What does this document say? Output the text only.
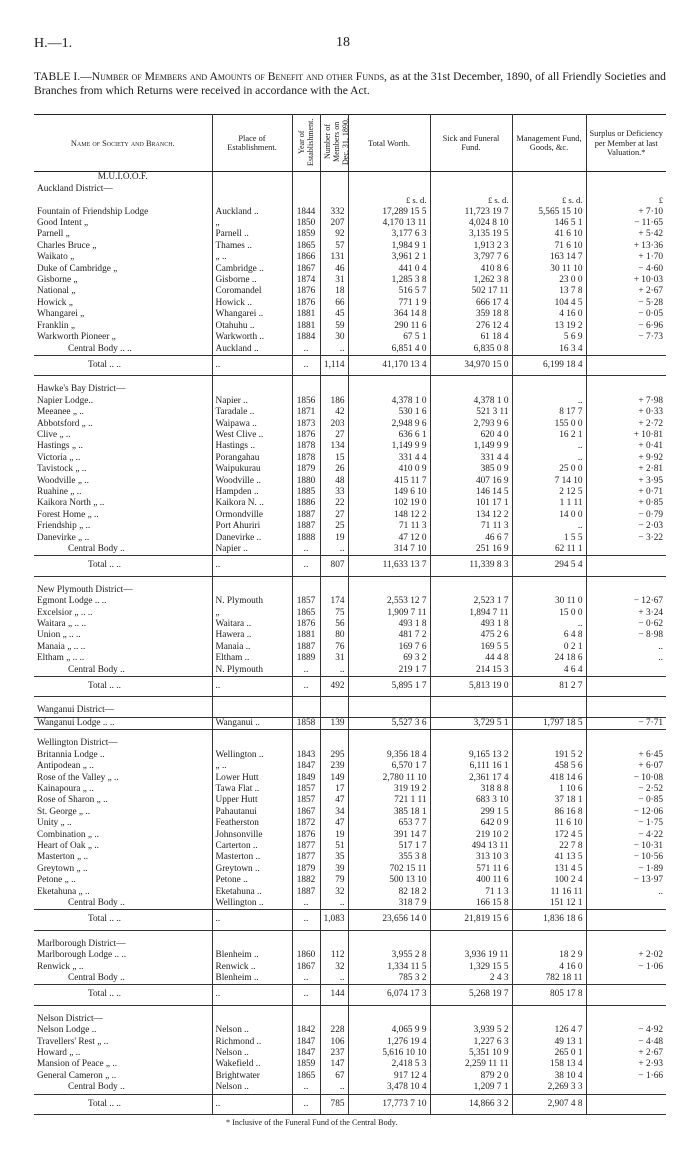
H.—1.	18
TABLE I.—Number of Members and Amounts of Benefit and other Funds, as at the 31st December, 1890, of all Friendly Societies and Branches from which Returns were received in accordance with the Act.
Name of Society and Branch.	Place of Establishment.	Year of Establishment.	Number of Members on Dec. 31, 1890.	Total Worth.	Sick and Funeral Fund.	Management Fund, Goods, &c.	Surplus or Deficiency per Member at last Valuation.*
M.U.I.O.O.F.							
Auckland District—							
				£ s. d.	£ s. d.	£ s. d.	£
Fountain of Friendship Lodge	Auckland ..	1844	332	17,289 15 5	11,723 19 7	5,565 15 10	+ 7·10
Good Intent „	„	1850	207	4,170 13 11	4,024 8 10	146 5 1	− 11·65
Parnell „	Parnell ..	1859	92	3,177 6 3	3,135 19 5	41 6 10	+ 5·42
Charles Bruce „	Thames ..	1865	57	1,984 9 1	1,913 2 3	71 6 10	+ 13·36
Waikato „	„ ..	1866	131	3,961 2 1	3,797 7 6	163 14 7	+ 1·70
Duke of Cambridge „	Cambridge ..	1867	46	441 0 4	410 8 6	30 11 10	− 4·60
Gisborne „	Gisborne ..	1874	31	1,285 3 8	1,262 3 8	23 0 0	+ 10·03
National „	Coromandel	1876	18	516 5 7	502 17 11	13 7 8	+ 2·67
Howick „	Howick ..	1876	66	771 1 9	666 17 4	104 4 5	− 5·28
Whangarei „	Whangarei ..	1881	45	364 14 8	359 18 8	4 16 0	− 0·05
Franklin „	Otahuhu ..	1881	59	290 11 6	276 12 4	13 19 2	− 6·96
Warkworth Pioneer „	Warkworth ..	1884	30	67 5 1	61 18 4	5 6 9	− 7·73
Central Body .. ..	Auckland ..	..	..	6,851 4 0	6,835 0 8	16 3 4	
Total .. ..	..	..	1,114	41,170 13 4	34,970 15 0	6,199 18 4	

Hawke's Bay District—							
Napier Lodge..	Napier ..	1856	186	4,378 1 0	4,378 1 0	..	+ 7·98
Meeanee „ ..	Taradale ..	1871	42	530 1 6	521 3 11	8 17 7	+ 0·33
Abbotsford „ ..	Waipawa ..	1873	203	2,948 9 6	2,793 9 6	155 0 0	+ 2·72
Clive „ ..	West Clive ..	1876	27	636 6 1	620 4 0	16 2 1	+ 10·81
Hastings „ ..	Hastings ..	1878	134	1,149 9 9	1,149 9 9	..	+ 0·41
Victoria „ ..	Porangahau	1878	15	331 4 4	331 4 4	..	+ 9·92
Tavistock „ ..	Waipukurau	1879	26	410 0 9	385 0 9	25 0 0	+ 2·81
Woodville „ ..	Woodville ..	1880	48	415 11 7	407 16 9	7 14 10	+ 3·95
Ruahine „ ..	Hampden ..	1885	33	149 6 10	146 14 5	2 12 5	+ 0·71
Kaikora North „ ..	Kaikora N. ..	1886	22	102 19 0	101 17 1	1 1 11	+ 0·85
Forest Home „ ..	Ormondville	1887	27	148 12 2	134 12 2	14 0 0	− 0·79
Friendship „ ..	Port Ahuriri	1887	25	71 11 3	71 11 3	..	− 2·03
Danevirke „ ..	Danevirke ..	1888	19	47 12 0	46 6 7	1 5 5	− 3·22
Central Body ..	Napier ..	..	..	314 7 10	251 16 9	62 11 1	
Total .. ..	..	..	807	11,633 13 7	11,339 8 3	294 5 4	

New Plymouth District—							
Egmont Lodge .. ..	N. Plymouth	1857	174	2,553 12 7	2,523 1 7	30 11 0	− 12·67
Excelsior „ .. ..	„	1865	75	1,909 7 11	1,894 7 11	15 0 0	+ 3·24
Waitara „ .. ..	Waitara ..	1876	56	493 1 8	493 1 8	..	− 0·62
Union „ .. ..	Hawera ..	1881	80	481 7 2	475 2 6	6 4 8	− 8·98
Manaia „ .. ..	Manaia ..	1887	76	169 7 6	169 5 5	0 2 1	..
Eltham „ .. ..	Eltham ..	1889	31	69 3 2	44 4 8	24 18 6	..
Central Body ..	N. Plymouth	..	..	219 1 7	214 15 3	4 6 4	
Total .. ..	..	..	492	5,895 1 7	5,813 19 0	81 2 7	

Wanganui District—							
Wanganui Lodge .. ..	Wanganui ..	1858	139	5,527 3 6	3,729 5 1	1,797 18 5	− 7·71

Wellington District—							
Britannia Lodge ..	Wellington ..	1843	295	9,356 18 4	9,165 13 2	191 5 2	+ 6·45
Antipodean „ ..	„ ..	1847	239	6,570 1 7	6,111 16 1	458 5 6	+ 6·07
Rose of the Valley „ ..	Lower Hutt	1849	149	2,780 11 10	2,361 17 4	418 14 6	− 10·08
Kainapoura „ ..	Tawa Flat ..	1857	17	319 19 2	318 8 8	1 10 6	− 2·52
Rose of Sharon „ ..	Upper Hutt	1857	47	721 1 11	683 3 10	37 18 1	− 0·85
St. George „ ..	Pahautanui	1867	34	385 18 1	299 1 5	86 16 8	− 12·06
Unity „ ..	Featherston	1872	47	653 7 7	642 0 9	11 6 10	− 1·75
Combination „ ..	Johnsonville	1876	19	391 14 7	219 10 2	172 4 5	− 4·22
Heart of Oak „ ..	Carterton ..	1877	51	517 1 7	494 13 11	22 7 8	− 10·31
Masterton „ ..	Masterton ..	1877	35	355 3 8	313 10 3	41 13 5	− 10·56
Greytown „ ..	Greytown ..	1879	39	702 15 11	571 11 6	131 4 5	− 1·89
Petone „ ..	Petone ..	1882	79	500 13 10	400 11 6	100 2 4	− 13·97
Eketahuna „ ..	Eketahuna ..	1887	32	82 18 2	71 1 3	11 16 11	..
Central Body ..	Wellington ..	..	..	318 7 9	166 15 8	151 12 1	
Total .. ..	..	..	1,083	23,656 14 0	21,819 15 6	1,836 18 6	

Marlborough District—							
Marlborough Lodge .. ..	Blenheim ..	1860	112	3,955 2 8	3,936 19 11	18 2 9	+ 2·02
Renwick „ ..	Renwick ..	1867	32	1,334 11 5	1,329 15 5	4 16 0	− 1·06
Central Body ..	Blenheim ..	..	..	785 3 2	2 4 3	782 18 11	
Total .. ..	..	..	144	6,074 17 3	5,268 19 7	805 17 8	

Nelson District—							
Nelson Lodge ..	Nelson ..	1842	228	4,065 9 9	3,939 5 2	126 4 7	− 4·92
Travellers' Rest „ ..	Richmond ..	1847	106	1,276 19 4	1,227 6 3	49 13 1	− 4·48
Howard „ ..	Nelson ..	1847	237	5,616 10 10	5,351 10 9	265 0 1	+ 2·67
Mansion of Peace „ ..	Wakefield ..	1859	147	2,418 5 3	2,259 11 11	158 13 4	+ 2·93
General Cameron „ ..	Brightwater	1865	67	917 12 4	879 2 0	38 10 4	− 1·66
Central Body ..	Nelson ..	..	..	3,478 10 4	1,209 7 1	2,269 3 3	
Total .. ..	..	..	785	17,773 7 10	14,866 3 2	2,907 4 8	
* Inclusive of the Funeral Fund of the Central Body.
